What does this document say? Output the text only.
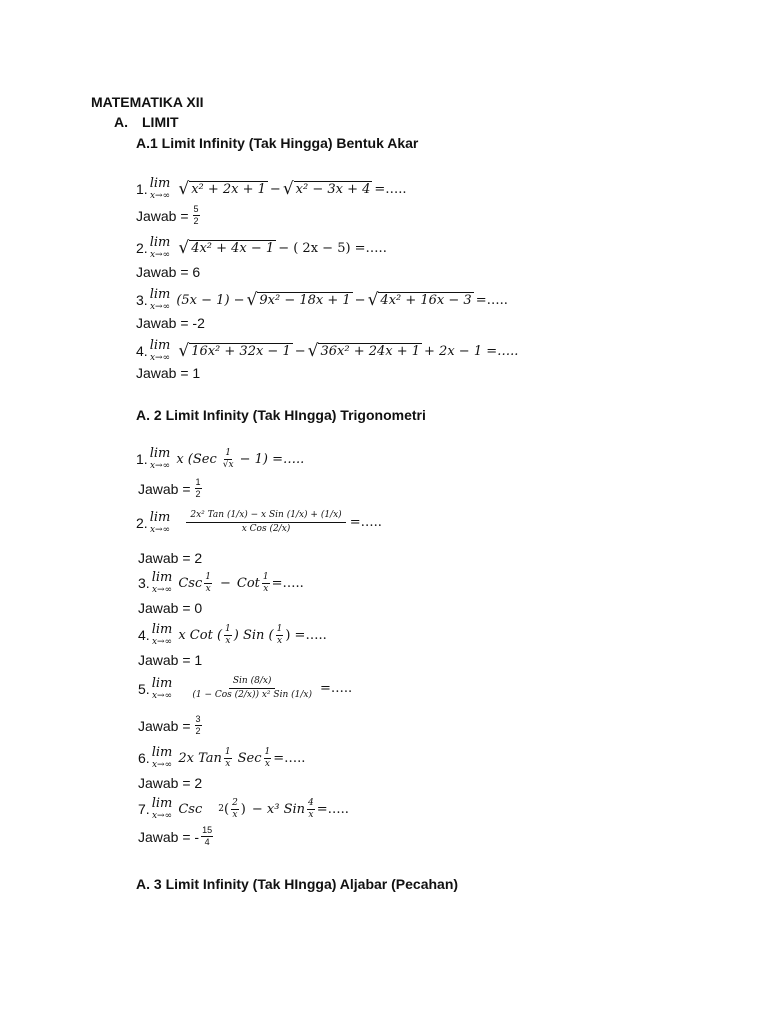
MATEMATIKA XII
A. LIMIT
A.1 Limit Infinity (Tak Hingga) Bentuk Akar
1. lim
x→∞ √ x² + 2x + 1 − √ x² − 3x + 4 =…..
Jawab = $\frac{5}{2}$
2. lim
x→∞ √ 4x² + 4x − 1 − ( 2x − 5) =…..
Jawab = 6
3. lim
x→∞ (5x − 1) − √ 9x² − 18x + 1 − √ 4x² + 16x − 3 =…..
Jawab = -2
4. lim
x→∞ √ 16x² + 32x − 1 − √ 36x² + 24x + 1 + 2x − 1 =…..
Jawab = 1
A. 2 Limit Infinity (Tak HIngga) Trigonometri
1. lim
x→∞ x $(Sec \frac{1}{√x} - 1)$ =…..
Jawab = $\frac{1}{2}$
2. lim
$x\to\infty \frac{\text{2x² Tan (1/x) − x Sin (1/x) + (1/x)}}{\text{x Cos (2/x)}}$ =…..
Jawab = 2
3. lim
x→∞ Csc $\frac{1}{x}$ − Cot $\frac{1}{x}$ =…..
Jawab = 0
4. lim
x→∞ x Cot ( $\frac{1}{x}$ ) Sin ( $\frac{1}{x}$ ) =…..
Jawab = 1
5. lim
$x\to\infty \frac{\text{Sin (8/x)}}{\text{(1 − Cos (2/x)) x² Sin (1/x)}}$ =…..
Jawab = $\frac{3}{2}$
6. lim
x→∞ 2x Tan $\frac{1}{x}$ Sec $\frac{1}{x}$ =…..
Jawab = 2
7. lim
x→∞ Csc 2 ( $\frac{2}{x}$ ) − x³ Sin $\frac{4}{x}$ =…..
Jawab = - $\frac{15}{4}$
A. 3 Limit Infinity (Tak HIngga) Aljabar (Pecahan)
